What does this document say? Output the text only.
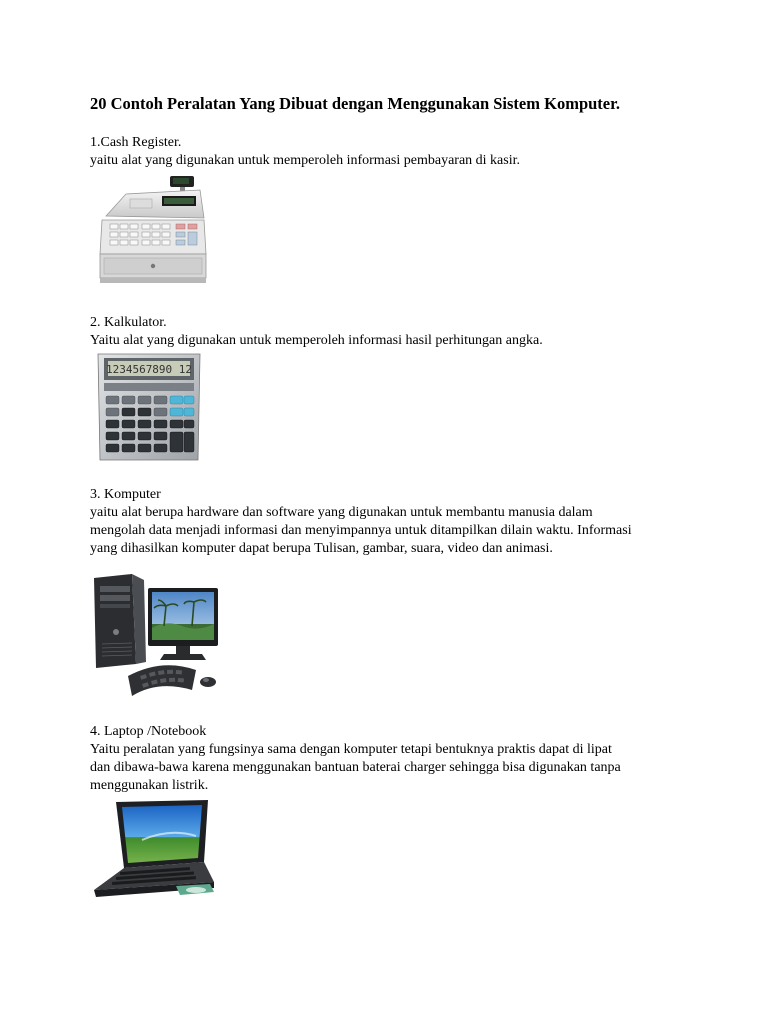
20 Contoh Peralatan Yang Dibuat dengan Menggunakan Sistem Komputer.
1.Cash Register.
yaitu alat yang digunakan untuk memperoleh informasi pembayaran di kasir.
2. Kalkulator.
Yaitu alat yang digunakan untuk memperoleh informasi hasil perhitungan angka.
1234567890 12
3. Komputer
yaitu alat berupa hardware dan software yang digunakan untuk membantu manusia dalam
mengolah data menjadi informasi dan menyimpannya untuk ditampilkan dilain waktu. Informasi
yang dihasilkan komputer dapat berupa Tulisan, gambar, suara, video dan animasi.
4. Laptop /Notebook
Yaitu peralatan yang fungsinya sama dengan komputer tetapi bentuknya praktis dapat di lipat
dan dibawa-bawa karena menggunakan bantuan baterai charger sehingga bisa digunakan tanpa
menggunakan listrik.
